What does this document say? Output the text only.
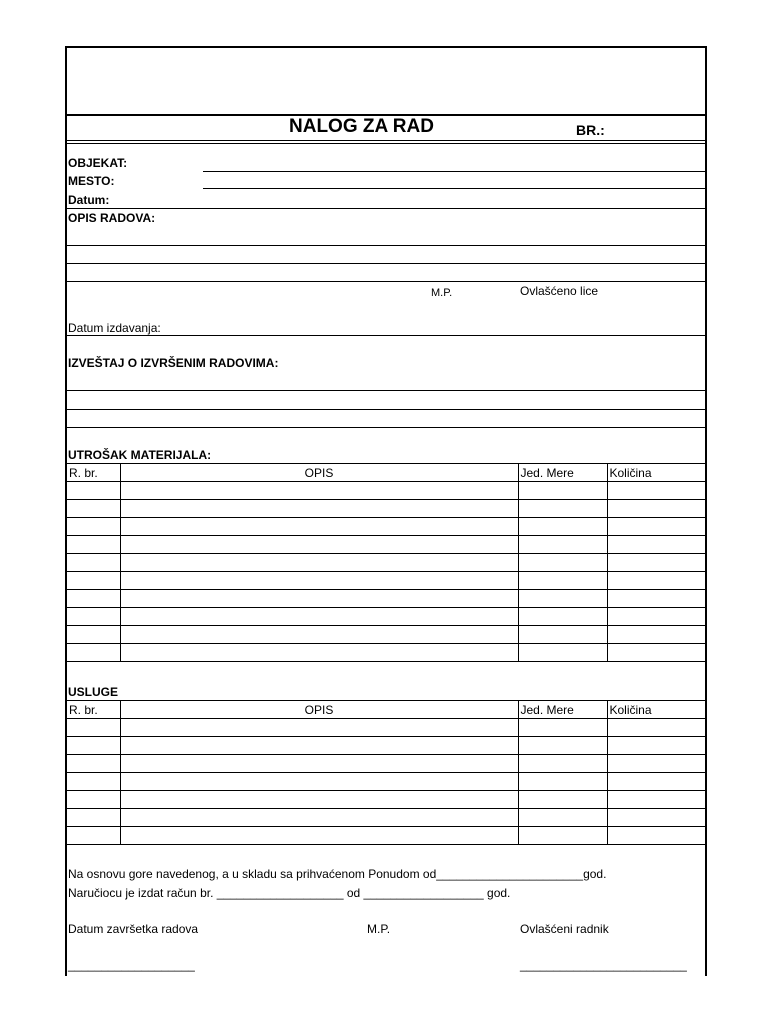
NALOG ZA RAD	BR.:
OBJEKAT:
MESTO:
Datum:
OPIS RADOVA:
M.P.	Ovlašćeno lice
Datum izdavanja:
IZVEŠTAJ O IZVRŠENIM RADOVIMA:
UTROŠAK MATERIJALA:
R. br.	OPIS	Jed. Mere	Količina

USLUGE
R. br.	OPIS	Jed. Mere	Količina

Na osnovu gore navedenog, a u skladu sa prihvaćenom Ponudom od______________________god.
Naručiocu je izdat račun br. ___________________ od __________________ god.
Datum završetka radova	M.P.	Ovlašćeni radnik
___________________	_________________________
